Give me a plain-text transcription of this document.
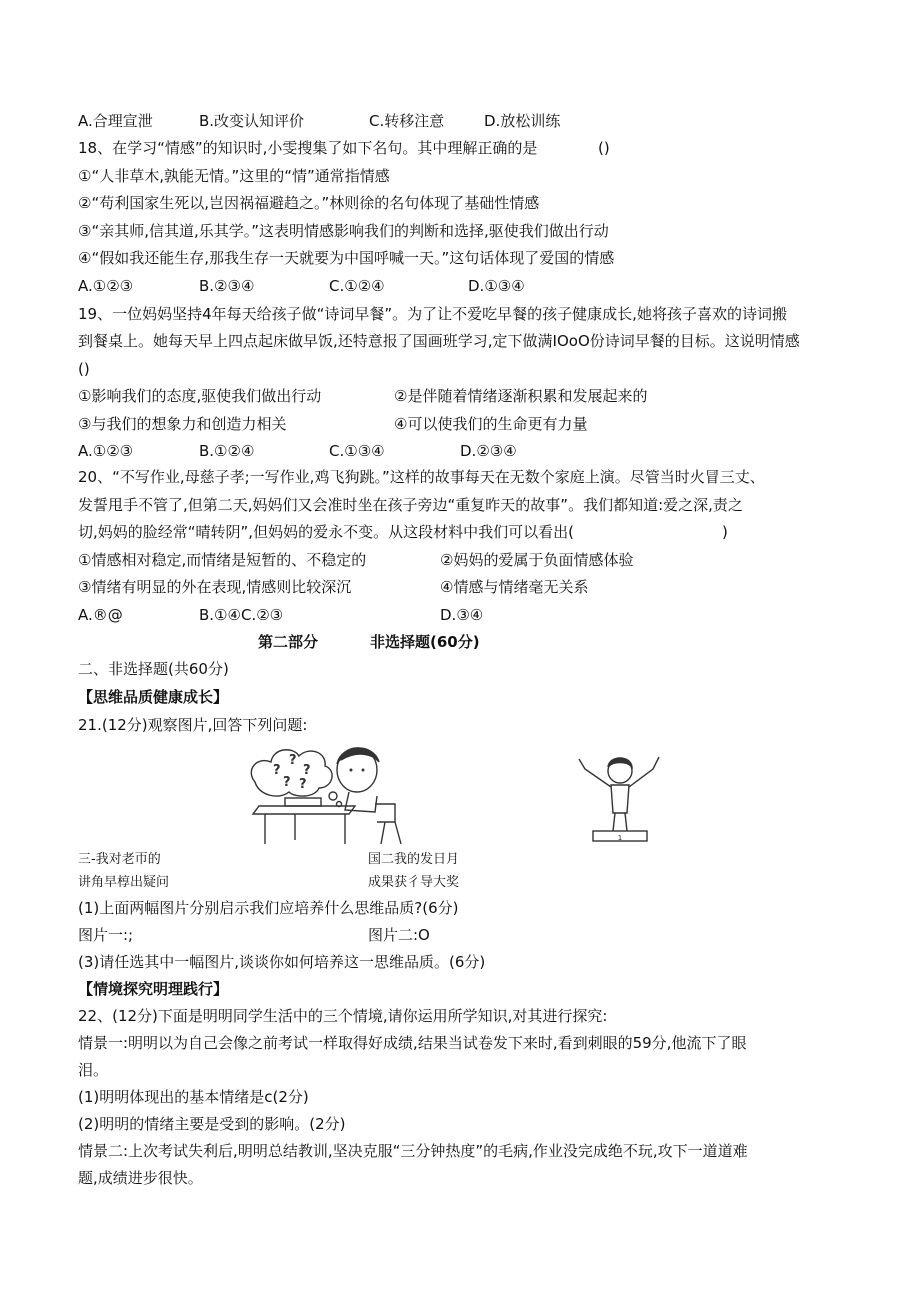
A.合理宣泄	B.改变认知评价	C.转移注意	D.放松训练
18、在学习“情感”的知识时,小雯搜集了如下名句。其中理解正确的是	()
①“人非草木,孰能无情。”这里的“情”通常指情感
②“苟利国家生死以,岂因祸福避趋之。”林则徐的名句体现了基础性情感
③“亲其师,信其道,乐其学。”这表明情感影响我们的判断和选择,驱使我们做出行动
④“假如我还能生存,那我生存一天就要为中国呼喊一天。”这句话体现了爱国的情感
A.①②③	B.②③④	C.①②④	D.①③④
19、一位妈妈坚持4年每天给孩子做“诗词早餐”。为了让不爱吃早餐的孩子健康成长,她将孩子喜欢的诗词搬
到餐桌上。她每天早上四点起床做早饭,还特意报了国画班学习,定下做满IOoO份诗词早餐的目标。这说明情感
()
①影响我们的态度,驱使我们做出行动	②是伴随着情绪逐渐积累和发展起来的
③与我们的想象力和创造力相关	④可以使我们的生命更有力量
A.①②③	B.①②④	C.①③④	D.②③④
20、“不写作业,母慈子孝;一写作业,鸡飞狗跳。”这样的故事每天在无数个家庭上演。尽管当时火冒三丈、
发誓甩手不管了,但第二天,妈妈们又会准时坐在孩子旁边“重复昨天的故事”。我们都知道:爱之深,责之
切,妈妈的脸经常“晴转阴”,但妈妈的爱永不变。从这段材料中我们可以看出(	)
①情感相对稳定,而情绪是短暂的、不稳定的	②妈妈的爱属于负面情感体验
③情绪有明显的外在表现,情感则比较深沉	④情感与情绪毫无关系
A.®@	B.①④C.②③	D.③④
第二部分	非选择题(60分)
二、非选择题(共60分)
【思维品质健康成长】
21.(12分)观察图片,回答下列问题:
?
?
?
? ?
1
三-我对老帀的
讲角早椁出疑问
国二我的发日月
成果获彳导大奖
(1)上面两幅图片分别启示我们应培养什么思维品质?(6分)
图片一:;	图片二:O
(3)请任选其中一幅图片,谈谈你如何培养这一思维品质。(6分)
【情境探究明理践行】
22、(12分)下面是明明同学生活中的三个情境,请你运用所学知识,对其进行探究:
情景一:明明以为自己会像之前考试一样取得好成绩,结果当试卷发下来时,看到刺眼的59分,他流下了眼
泪。
(1)明明体现出的基本情绪是c(2分)
(2)明明的情绪主要是受到的影响。(2分)
情景二:上次考试失利后,明明总结教训,坚决克服“三分钟热度”的毛病,作业没完成绝不玩,攻下一道道难
题,成绩进步很快。
